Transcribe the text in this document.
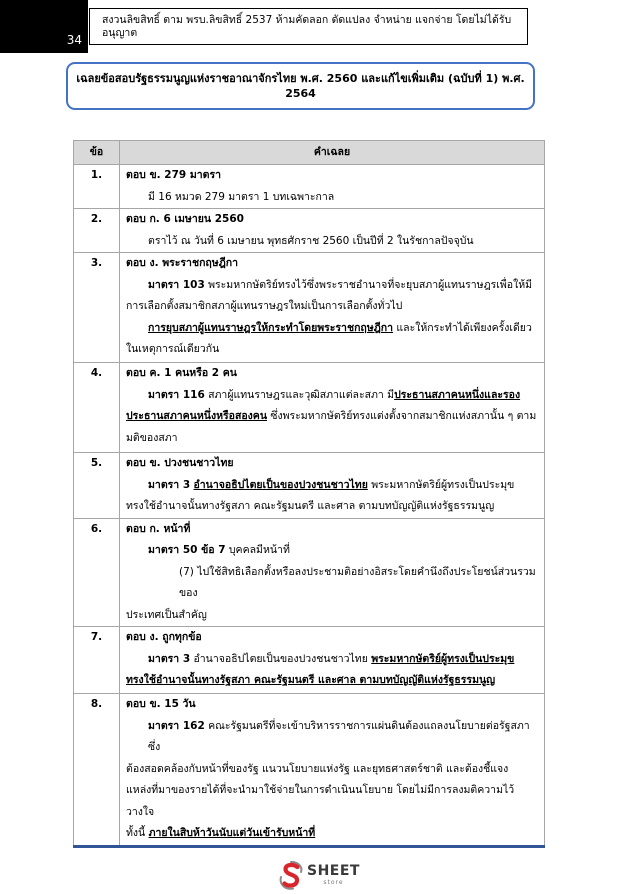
34
สงวนลิขสิทธิ์ ตาม พรบ.ลิขสิทธิ์ 2537 ห้ามคัดลอก ดัดแปลง จำหน่าย แจกจ่าย โดยไม่ได้รับอนุญาต
เฉลยข้อสอบรัฐธรรมนูญแห่งราชอาณาจักรไทย พ.ศ. 2560 และแก้ไขเพิ่มเติม (ฉบับที่ 1) พ.ศ. 2564
ข้อ	คำเฉลย
1.	ตอบ ข. 279 มาตรา
มี 16 หมวด 279 มาตรา 1 บทเฉพาะกาล

2.	ตอบ ก. 6 เมษายน 2560
ตราไว้ ณ วันที่ 6 เมษายน พุทธศักราช 2560 เป็นปีที่ 2 ในรัชกาลปัจจุบัน

3.	ตอบ ง. พระราชกฤษฎีกา
มาตรา 103 พระมหากษัตริย์ทรงไว้ซึ่งพระราชอำนาจที่จะยุบสภาผู้แทนราษฎรเพื่อให้มี
การเลือกตั้งสมาชิกสภาผู้แทนราษฎรใหม่เป็นการเลือกตั้งทั่วไป
การยุบสภาผู้แทนราษฎรให้กระทำโดยพระราชกฤษฎีกา และให้กระทำได้เพียงครั้งเดียว
ในเหตุการณ์เดียวกัน

4.	ตอบ ค. 1 คนหรือ 2 คน
มาตรา 116 สภาผู้แทนราษฎรและวุฒิสภาแต่ละสภา มีประธานสภาคนหนึ่งและรอง
ประธานสภาคนหนึ่งหรือสองคน ซึ่งพระมหากษัตริย์ทรงแต่งตั้งจากสมาชิกแห่งสภานั้น ๆ ตาม
มติของสภา

5.	ตอบ ข. ปวงชนชาวไทย
มาตรา 3 อำนาจอธิปไตยเป็นของปวงชนชาวไทย พระมหากษัตริย์ผู้ทรงเป็นประมุข
ทรงใช้อำนาจนั้นทางรัฐสภา คณะรัฐมนตรี และศาล ตามบทบัญญัติแห่งรัฐธรรมนูญ

6.	ตอบ ก. หน้าที่
มาตรา 50 ข้อ 7 บุคคลมีหน้าที่
(7) ไปใช้สิทธิเลือกตั้งหรือลงประชามติอย่างอิสระโดยคำนึงถึงประโยชน์ส่วนรวมของ
ประเทศเป็นสำคัญ

7.	ตอบ ง. ถูกทุกข้อ
มาตรา 3 อำนาจอธิปไตยเป็นของปวงชนชาวไทย พระมหากษัตริย์ผู้ทรงเป็นประมุข
ทรงใช้อำนาจนั้นทางรัฐสภา คณะรัฐมนตรี และศาล ตามบทบัญญัติแห่งรัฐธรรมนูญ

8.	ตอบ ข. 15 วัน
มาตรา 162 คณะรัฐมนตรีที่จะเข้าบริหารราชการแผ่นดินต้องแถลงนโยบายต่อรัฐสภาซึ่ง
ต้องสอดคล้องกับหน้าที่ของรัฐ แนวนโยบายแห่งรัฐ และยุทธศาสตร์ชาติ และต้องชี้แจง
แหล่งที่มาของรายได้ที่จะนำมาใช้จ่ายในการดำเนินนโยบาย โดยไม่มีการลงมติความไว้วางใจ
ทั้งนี้ ภายในสิบห้าวันนับแต่วันเข้ารับหน้าที่
SHEET
store
